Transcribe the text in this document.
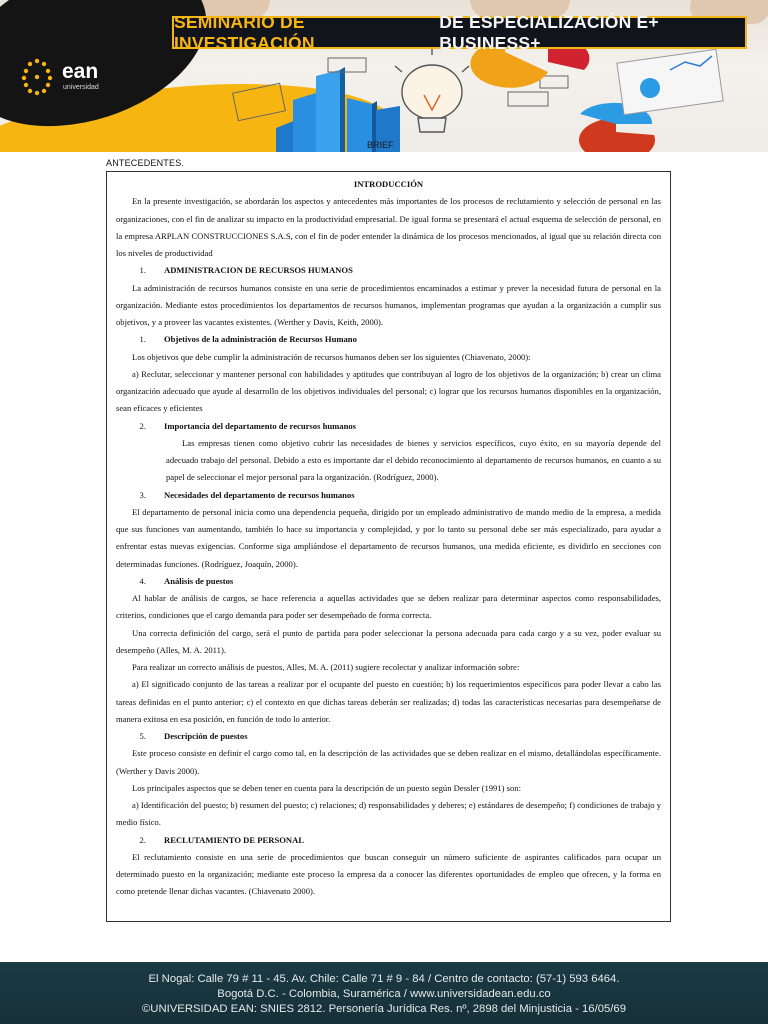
SEMINARIO DE INVESTIGACIÓN
DE ESPECIALIZACIÓN E+ BUSINESS+
ean
universidad
BRIEF
ANTECEDENTES.

INTRODUCCIÓN

En la presente investigación, se abordarán los aspectos y antecedentes más importantes de los procesos de reclutamiento y selección de personal en las organizaciones, con el fin de analizar su impacto en la productividad empresarial. De igual forma se presentará el actual esquema de selección de personal, en la empresa ARPLAN CONSTRUCCIONES S.A.S, con el fin de poder entender la dinámica de los procesos mencionados, al igual que su relación directa con los niveles de productividad

1. ADMINISTRACION DE RECURSOS HUMANOS

La administración de recursos humanos consiste en una serie de procedimientos encaminados a estimar y prever la necesidad futura de personal en la organización. Mediante estos procedimientos los departamentos de recursos humanos, implementan programas que ayudan a la organización a cumplir sus objetivos, y a proveer las vacantes existentes. (Werther y Davis, Keith, 2000).

1. Objetivos de la administración de Recursos Humano

Los objetivos que debe cumplir la administración de recursos humanos deben ser los siguientes (Chiavenato, 2000):

a) Reclutar, seleccionar y mantener personal con habilidades y aptitudes que contribuyan al logro de los objetivos de la organización; b) crear un clima organización adecuado que ayude al desarrollo de los objetivos individuales del personal; c) lograr que los recursos humanos disponibles en la organización, sean eficaces y eficientes

2. Importancia del departamento de recursos humanos

Las empresas tienen como objetivo cubrir las necesidades de bienes y servicios específicos, cuyo éxito, en su mayoría depende del adecuado trabajo del personal. Debido a esto es importante dar el debido reconocimiento al departamento de recursos humanos, en cuanto a su papel de seleccionar el mejor personal para la organización. (Rodríguez, 2000).

3. Necesidades del departamento de recursos humanos

El departamento de personal inicia como una dependencia pequeña, dirigido por un empleado administrativo de mando medio de la empresa, a medida que sus funciones van aumentando, también lo hace su importancia y complejidad, y por lo tanto su personal debe ser más especializado, para ayudar a enfrentar estas nuevas exigencias. Conforme siga ampliándose el departamento de recursos humanos, una medida eficiente, es dividirlo en secciones con determinadas funciones. (Rodríguez, Joaquín, 2000).

4. Análisis de puestos

Al hablar de análisis de cargos, se hace referencia a aquellas actividades que se deben realizar para determinar aspectos como responsabilidades, criterios, condiciones que el cargo demanda para poder ser desempeñado de forma correcta.

Una correcta definición del cargo, será el punto de partida para poder seleccionar la persona adecuada para cada cargo y a su vez, poder evaluar su desempeño (Alles, M. A. 2011).

Para realizar un correcto análisis de puestos, Alles, M. A. (2011) sugiere recolectar y analizar información sobre:

a) El significado conjunto de las tareas a realizar por el ocupante del puesto en cuestión; b) los requerimientos específicos para poder llevar a cabo las tareas definidas en el punto anterior; c) el contexto en que dichas tareas deberán ser realizadas; d) todas las características necesarias para desempeñarse de manera exitosa en esa posición, en función de todo lo anterior.

5. Descripción de puestos

Este proceso consiste en definir el cargo como tal, en la descripción de las actividades que se deben realizar en el mismo, detallándolas específicamente. (Werther y Davis 2000).

Los principales aspectos que se deben tener en cuenta para la descripción de un puesto según Dessler (1991) son:

a) Identificación del puesto; b) resumen del puesto; c) relaciones; d) responsabilidades y deberes; e) estándares de desempeño; f) condiciones de trabajo y medio físico.

2. RECLUTAMIENTO DE PERSONAL

El reclutamiento consiste en una serie de procedimientos que buscan conseguir un número suficiente de aspirantes calificados para ocupar un determinado puesto en la organización; mediante este proceso la empresa da a conocer las diferentes oportunidades de empleo que ofrecen, y la forma en como pretende llenar dichas vacantes. (Chiavenato 2000).

El Nogal: Calle 79 # 11 - 45. Av. Chile: Calle 71 # 9 - 84 / Centro de contacto: (57-1) 593 6464.
Bogotá D.C. - Colombia, Suramérica / www.universidadean.edu.co
©UNIVERSIDAD EAN: SNIES 2812. Personería Jurídica Res. nº, 2898 del Minjusticia - 16/05/69
